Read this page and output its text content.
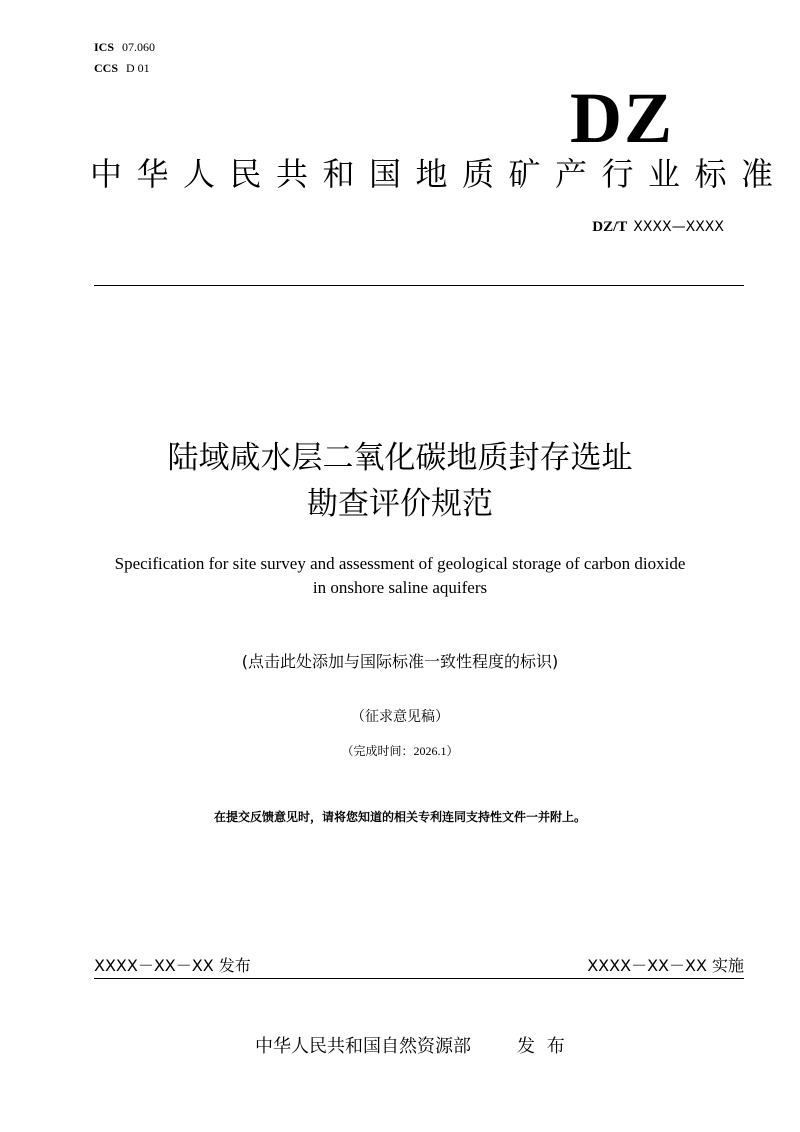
ICS 07.060
CCS D 01
DZ
中华人民共和国地质矿产行业标准
DZ/T XXXX—XXXX
陆域咸水层二氧化碳地质封存选址
勘查评价规范
Specification for site survey and assessment of geological storage of carbon dioxide
in onshore saline aquifers
(点击此处添加与国际标准一致性程度的标识)
（征求意见稿）
（完成时间：2026.1）
在提交反馈意见时，请将您知道的相关专利连同支持性文件一并附上。
XXXX－XX－XX 发布	XXXX－XX－XX 实施
中华人民共和国自然资源部	发 布
